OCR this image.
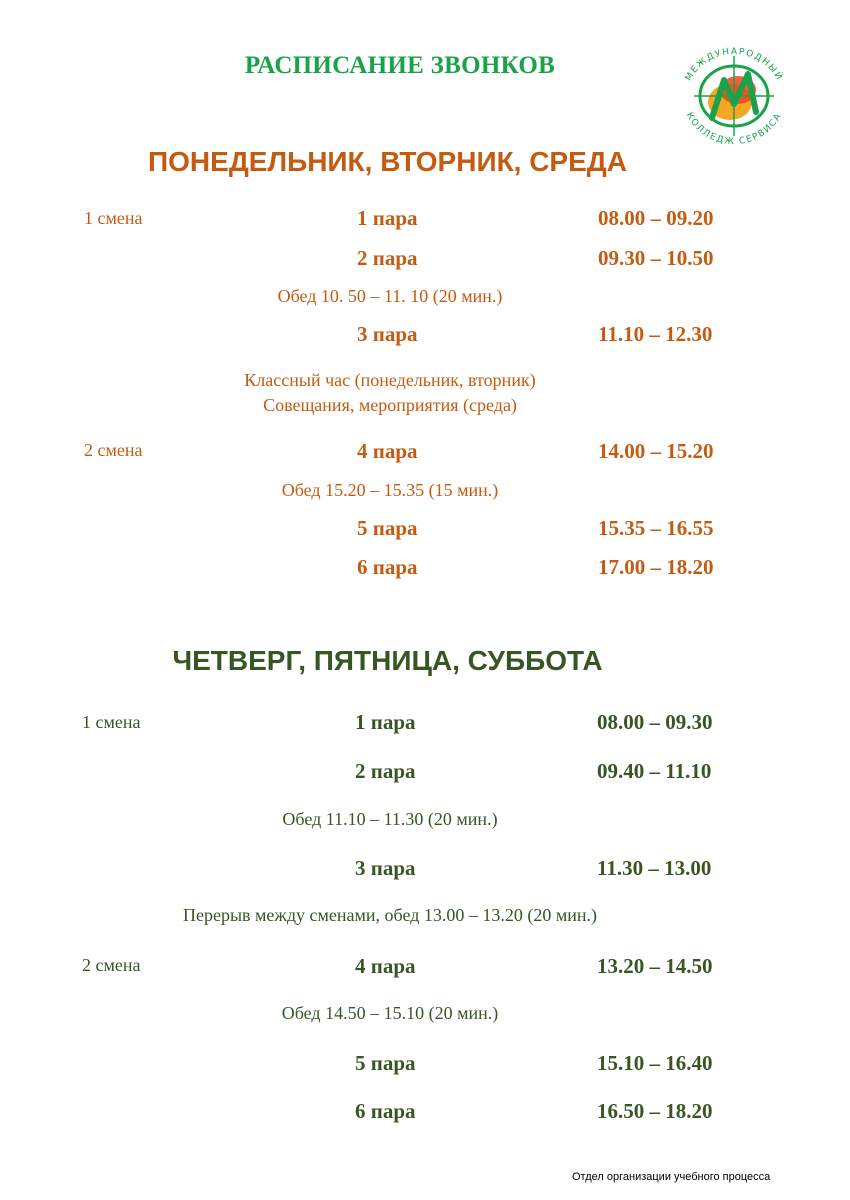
РАСПИСАНИЕ ЗВОНКОВ	МЕЖДУНАРОДНЫЙ
КОЛЛЕДЖ СЕРВИСА
ПОНЕДЕЛЬНИК, ВТОРНИК, СРЕДА
1 смена	1 пара	08.00 – 09.20
2 пара	09.30 – 10.50
Обед 10. 50 – 11. 10 (20 мин.)
3 пара	11.10 – 12.30
Классный час (понедельник, вторник)
Совещания, мероприятия (среда)
2 смена	4 пара	14.00 – 15.20
Обед 15.20 – 15.35 (15 мин.)
5 пара	15.35 – 16.55
6 пара	17.00 – 18.20
ЧЕТВЕРГ, ПЯТНИЦА, СУББОТА
1 смена	1 пара	08.00 – 09.30
2 пара	09.40 – 11.10
Обед 11.10 – 11.30 (20 мин.)
3 пара	11.30 – 13.00
Перерыв между сменами, обед 13.00 – 13.20 (20 мин.)
2 смена	4 пара	13.20 – 14.50
Обед 14.50 – 15.10 (20 мин.)
5 пара	15.10 – 16.40
6 пара	16.50 – 18.20
Отдел организации учебного процесса
